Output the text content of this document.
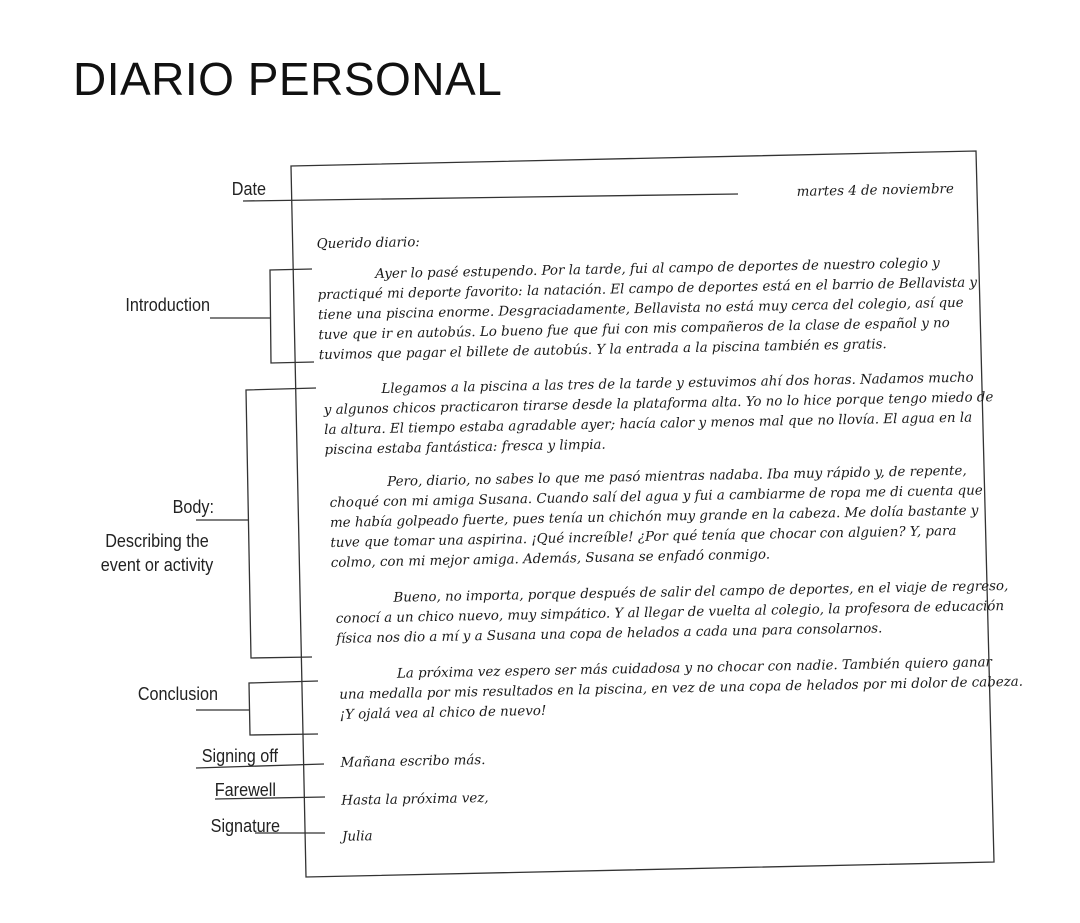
DIARIO PERSONAL
Date
Introduction
Body:
Describing the
event or activity
Conclusion
Signing off
Farewell
Signature
martes 4 de noviembre
Querido diario:
Ayer lo pasé estupendo. Por la tarde, fui al campo de deportes de nuestro colegio y
practiqué mi deporte favorito: la natación. El campo de deportes está en el barrio de Bellavista y
tiene una piscina enorme. Desgraciadamente, Bellavista no está muy cerca del colegio, así que
tuve que ir en autobús. Lo bueno fue que fui con mis compañeros de la clase de español y no
tuvimos que pagar el billete de autobús. Y la entrada a la piscina también es gratis.
Llegamos a la piscina a las tres de la tarde y estuvimos ahí dos horas. Nadamos mucho
y algunos chicos practicaron tirarse desde la plataforma alta. Yo no lo hice porque tengo miedo de
la altura. El tiempo estaba agradable ayer; hacía calor y menos mal que no llovía. El agua en la
piscina estaba fantástica: fresca y limpia.
Pero, diario, no sabes lo que me pasó mientras nadaba. Iba muy rápido y, de repente,
choqué con mi amiga Susana. Cuando salí del agua y fui a cambiarme de ropa me di cuenta que
me había golpeado fuerte, pues tenía un chichón muy grande en la cabeza. Me dolía bastante y
tuve que tomar una aspirina. ¡Qué increíble! ¿Por qué tenía que chocar con alguien? Y, para
colmo, con mi mejor amiga. Además, Susana se enfadó conmigo.
Bueno, no importa, porque después de salir del campo de deportes, en el viaje de regreso,
conocí a un chico nuevo, muy simpático. Y al llegar de vuelta al colegio, la profesora de educación
física nos dio a mí y a Susana una copa de helados a cada una para consolarnos.
La próxima vez espero ser más cuidadosa y no chocar con nadie. También quiero ganar
una medalla por mis resultados en la piscina, en vez de una copa de helados por mi dolor de cabeza.
¡Y ojalá vea al chico de nuevo!
Mañana escribo más.
Hasta la próxima vez,
Julia
